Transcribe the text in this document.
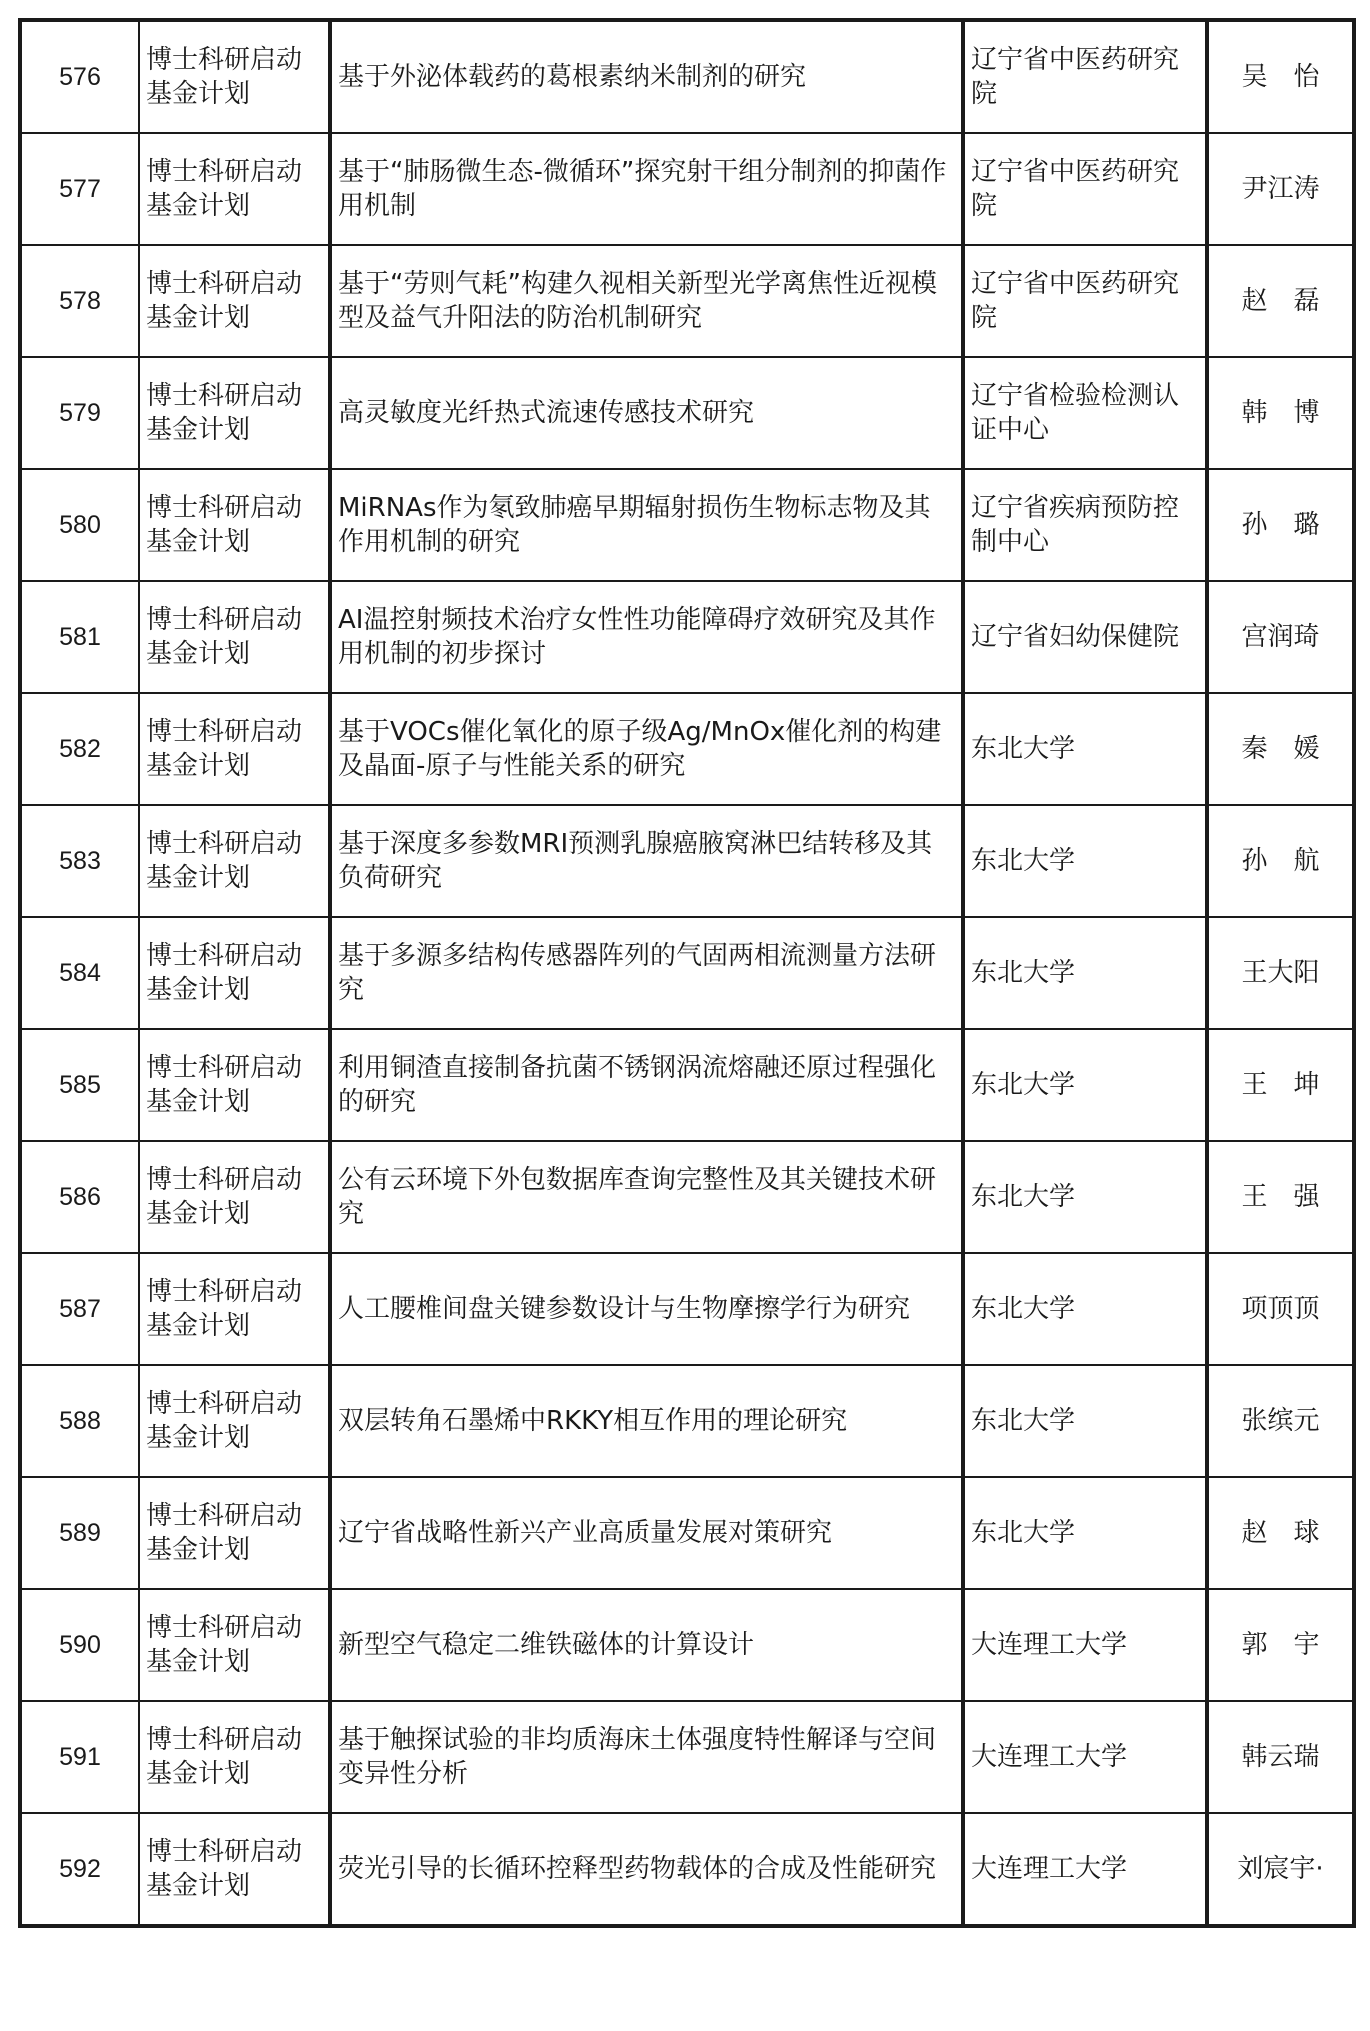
576	博士科研启动基金计划	基于外泌体载药的葛根素纳米制剂的研究	辽宁省中医药研究院	吴　怡
577	博士科研启动基金计划	基于“肺肠微生态-微循环”探究射干组分制剂的抑菌作用机制	辽宁省中医药研究院	尹江涛
578	博士科研启动基金计划	基于“劳则气耗”构建久视相关新型光学离焦性近视模型及益气升阳法的防治机制研究	辽宁省中医药研究院	赵　磊
579	博士科研启动基金计划	高灵敏度光纤热式流速传感技术研究	辽宁省检验检测认证中心	韩　博
580	博士科研启动基金计划	MiRNAs作为氡致肺癌早期辐射损伤生物标志物及其作用机制的研究	辽宁省疾病预防控制中心	孙　璐
581	博士科研启动基金计划	AI温控射频技术治疗女性性功能障碍疗效研究及其作用机制的初步探讨	辽宁省妇幼保健院	宫润琦
582	博士科研启动基金计划	基于VOCs催化氧化的原子级Ag/MnOx催化剂的构建及晶面-原子与性能关系的研究	东北大学	秦　媛
583	博士科研启动基金计划	基于深度多参数MRI预测乳腺癌腋窝淋巴结转移及其负荷研究	东北大学	孙　航
584	博士科研启动基金计划	基于多源多结构传感器阵列的气固两相流测量方法研究	东北大学	王大阳
585	博士科研启动基金计划	利用铜渣直接制备抗菌不锈钢涡流熔融还原过程强化的研究	东北大学	王　坤
586	博士科研启动基金计划	公有云环境下外包数据库查询完整性及其关键技术研究	东北大学	王　强
587	博士科研启动基金计划	人工腰椎间盘关键参数设计与生物摩擦学行为研究	东北大学	项顶顶
588	博士科研启动基金计划	双层转角石墨烯中RKKY相互作用的理论研究	东北大学	张缤元
589	博士科研启动基金计划	辽宁省战略性新兴产业高质量发展对策研究	东北大学	赵　球
590	博士科研启动基金计划	新型空气稳定二维铁磁体的计算设计	大连理工大学	郭　宇
591	博士科研启动基金计划	基于触探试验的非均质海床土体强度特性解译与空间变异性分析	大连理工大学	韩云瑞
592	博士科研启动基金计划	荧光引导的长循环控释型药物载体的合成及性能研究	大连理工大学	刘宸宇·
